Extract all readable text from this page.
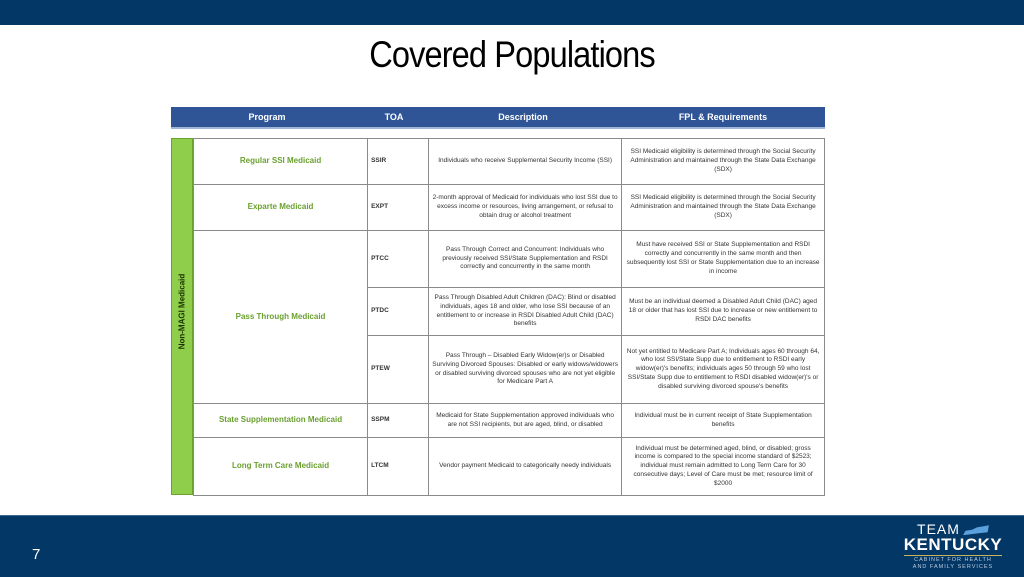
Covered Populations
Program	TOA	Description	FPL & Requirements
Non-MAGI Medicaid
Regular SSI Medicaid	SSIR	Individuals who receive Supplemental Security Income (SSI)	SSI Medicaid eligibility is determined through the Social Security Administration and maintained through the State Data Exchange (SDX)
Exparte Medicaid	EXPT	2-month approval of Medicaid for individuals who lost SSI due to excess income or resources, living arrangement, or refusal to obtain drug or alcohol treatment	SSI Medicaid eligibility is determined through the Social Security Administration and maintained through the State Data Exchange (SDX)
Pass Through Medicaid	PTCC	Pass Through Correct and Concurrent: Individuals who previously received SSI/State Supplementation and RSDI correctly and concurrently in the same month	Must have received SSI or State Supplementation and RSDI correctly and concurrently in the same month and then subsequently lost SSI or State Supplementation due to an increase in income
	PTDC	Pass Through Disabled Adult Children (DAC): Blind or disabled individuals, ages 18 and older, who lose SSI because of an entitlement to or increase in RSDI Disabled Adult Child (DAC) benefits	Must be an individual deemed a Disabled Adult Child (DAC) aged 18 or older that has lost SSI due to increase or new entitlement to RSDI DAC benefits
	PTEW	Pass Through – Disabled Early Widow(er)s or Disabled Surviving Divorced Spouses: Disabled or early widows/widowers or disabled surviving divorced spouses who are not yet eligible for Medicare Part A	Not yet entitled to Medicare Part A; Individuals ages 60 through 64, who lost SSI/State Supp due to entitlement to RSDI early widow(er)'s benefits; individuals ages 50 through 59 who lost SSI/State Supp due to entitlement to RSDI disabled widow(er)'s or disabled surviving divorced spouse's benefits
State Supplementation Medicaid	SSPM	Medicaid for State Supplementation approved individuals who are not SSI recipients, but are aged, blind, or disabled	Individual must be in current receipt of State Supplementation benefits
Long Term Care Medicaid	LTCM	Vendor payment Medicaid to categorically needy individuals	Individual must be determined aged, blind, or disabled; gross income is compared to the special income standard of $2523; individual must remain admitted to Long Term Care for 30 consecutive days; Level of Care must be met; resource limit of $2000
7
TEAM
KENTUCKY
CABINET FOR HEALTH
AND FAMILY SERVICES
